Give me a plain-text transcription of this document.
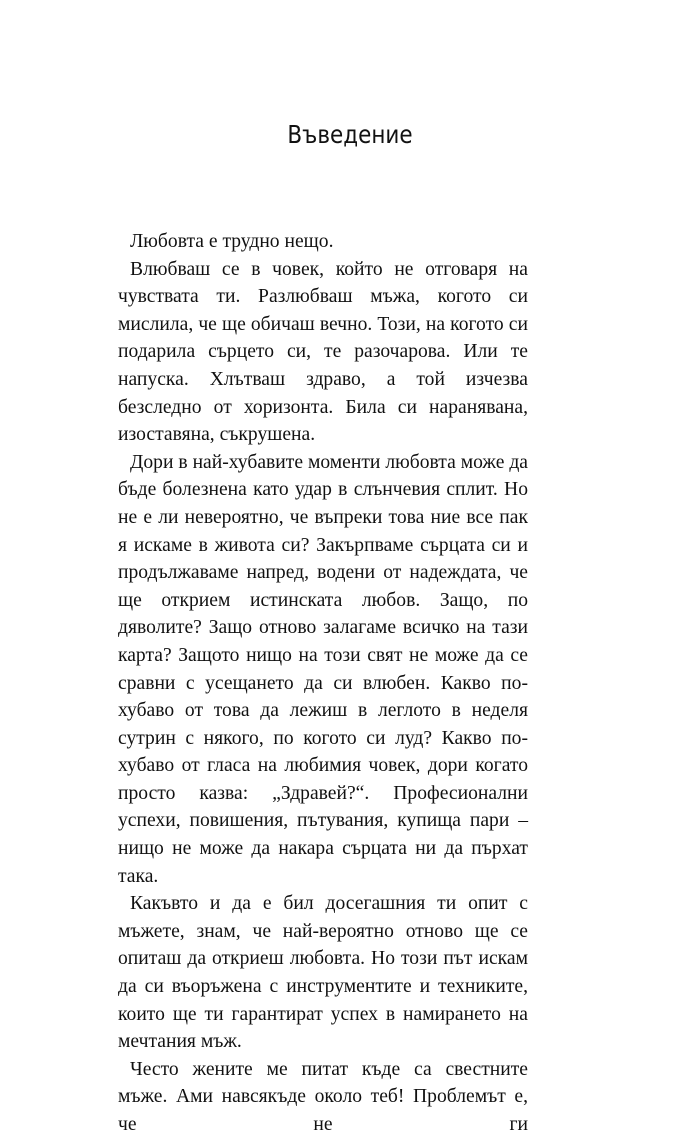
Въведение

Любовта е трудно нещо.

Влюбваш се в човек, който не отговаря на чувствата ти. Разлюбваш мъжа, когото си мислила, че ще обичаш вечно. Този, на когото си подарила сърцето си, те разочарова. Или те напуска. Хлътваш здраво, а той изчезва безследно от хоризонта. Била си наранявана, изоставяна, съкрушена.

Дори в най-хубавите моменти любовта може да бъде болезнена като удар в слънчевия сплит. Но не е ли невероятно, че въпреки това ние все пак я искаме в живота си? Закърпваме сърцата си и продължаваме напред, водени от надеждата, че ще открием истинската любов. Защо, по дяволите? Защо отново залагаме всичко на тази карта? Защото нищо на този свят не може да се сравни с усещането да си влюбен. Какво по-хубаво от това да лежиш в леглото в неделя сутрин с някого, по когото си луд? Какво по-хубаво от гласа на любимия човек, дори когато просто казва: „Здравей?“. Професионални успехи, повишения, пътувания, купища пари – нищо не може да накара сърцата ни да пърхат така.

Какъвто и да е бил досегашния ти опит с мъжете, знам, че най-вероятно отново ще се опиташ да откриеш любовта. Но този път искам да си въоръжена с инструментите и техниките, които ще ти гарантират успех в намирането на мечтания мъж.

Често жените ме питат къде са свестните мъже. Ами навсякъде около теб! Проблемът е, че не ги
